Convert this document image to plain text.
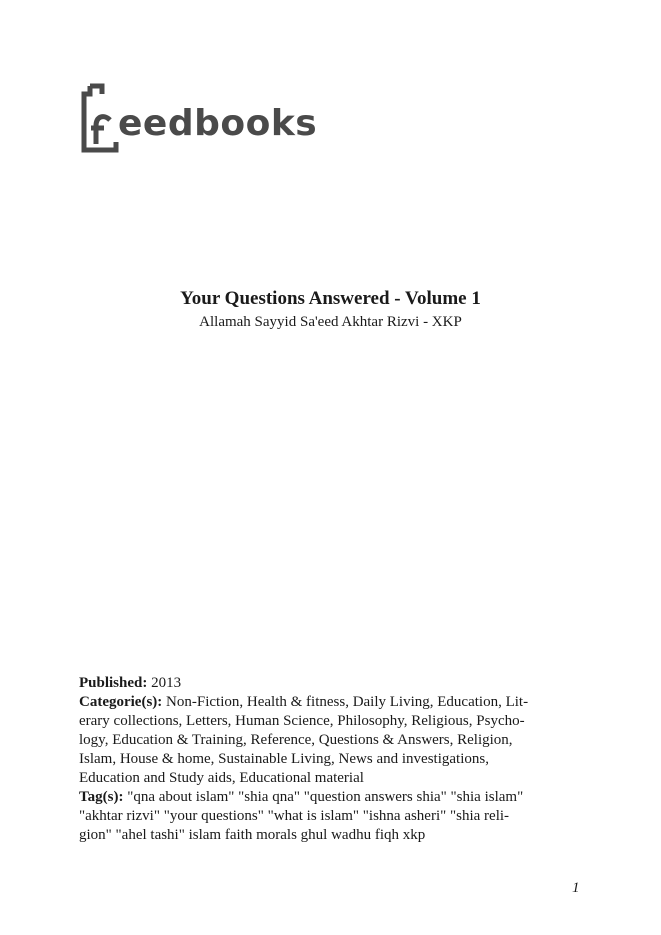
eedbooks

Your Questions Answered - Volume 1

Allamah Sayyid Sa'eed Akhtar Rizvi - XKP

Published: 2013

Categorie(s): Non-Fiction, Health & fitness, Daily Living, Education, Lit-
erary collections, Letters, Human Science, Philosophy, Religious, Psycho-
logy, Education & Training, Reference, Questions & Answers, Religion,
Islam, House & home, Sustainable Living, News and investigations,
Education and Study aids, Educational material

Tag(s): "qna about islam" "shia qna" "question answers shia" "shia islam"
"akhtar rizvi" "your questions" "what is islam" "ishna asheri" "shia reli-
gion" "ahel tashi" islam faith morals ghul wadhu fiqh xkp

1
